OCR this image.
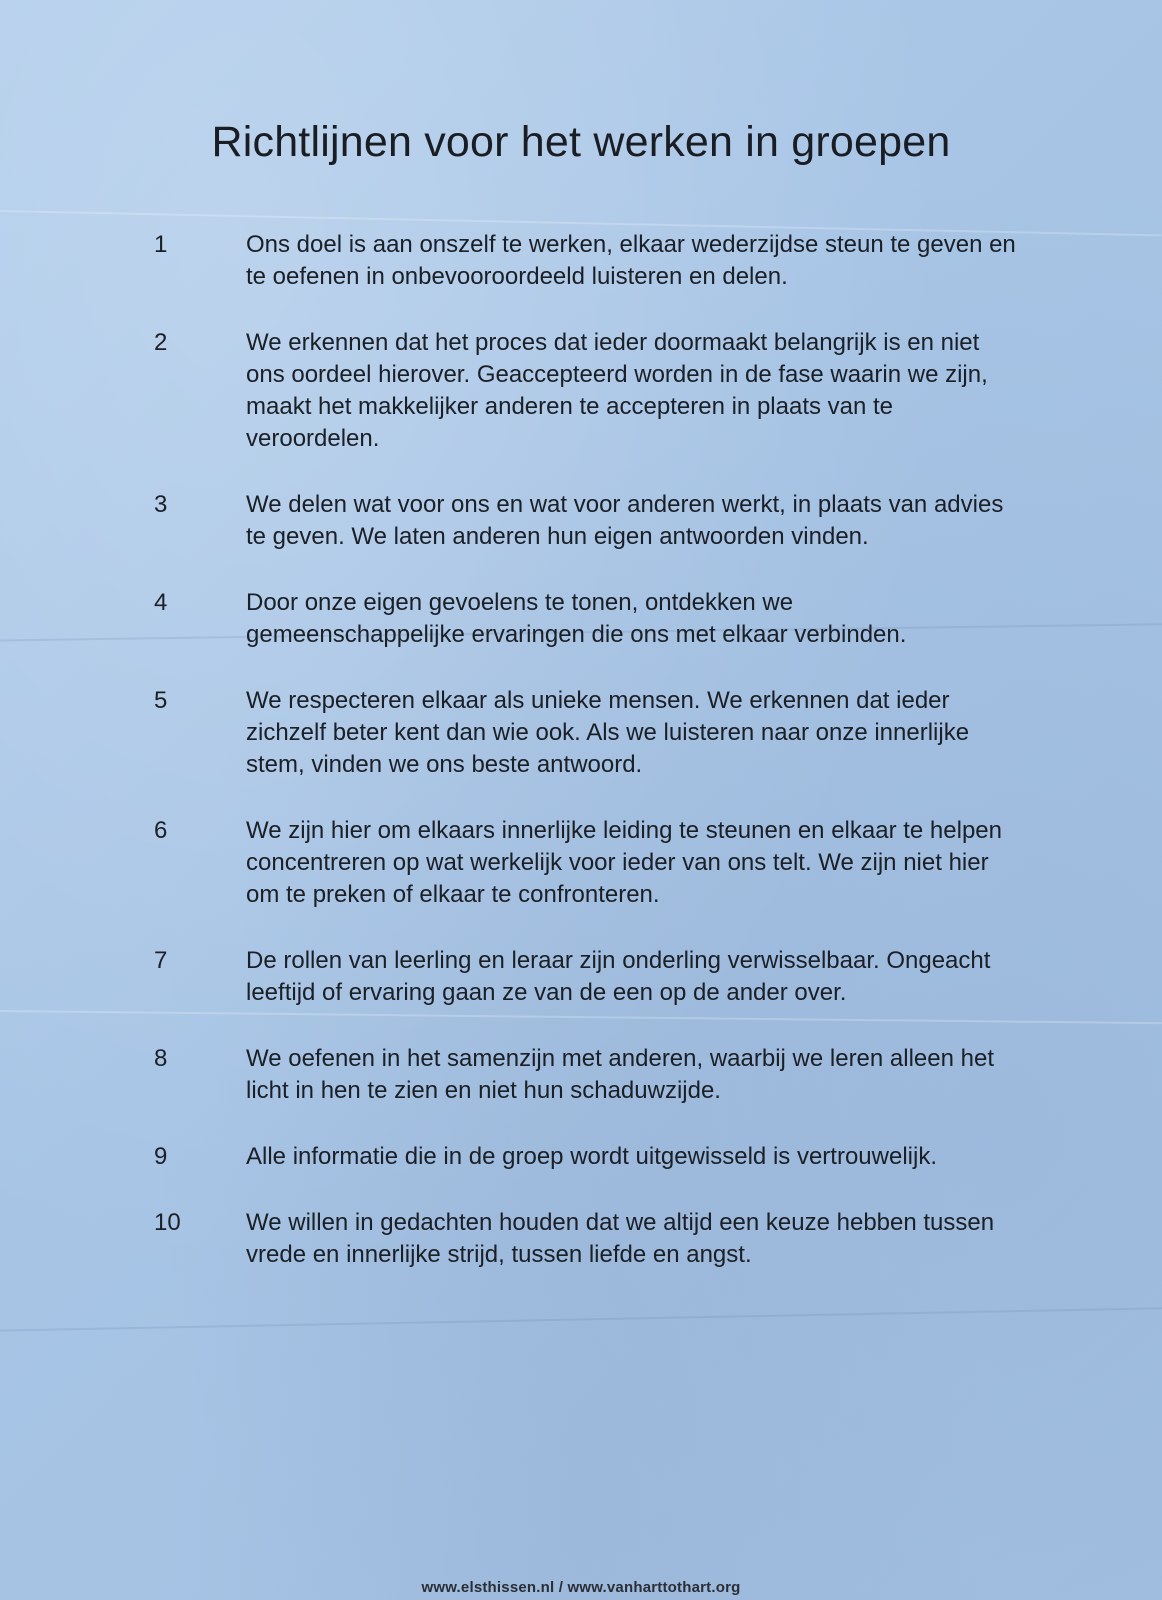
Richtlijnen voor het werken in groepen
1	Ons doel is aan onszelf te werken, elkaar wederzijdse steun te geven en te oefenen in onbevooroordeeld luisteren en delen.
2	We erkennen dat het proces dat ieder doormaakt belangrijk is en niet ons oordeel hierover. Geaccepteerd worden in de fase waarin we zijn, maakt het makkelijker anderen te accepteren in plaats van te veroordelen.
3	We delen wat voor ons en wat voor anderen werkt, in plaats van advies te geven. We laten anderen hun eigen antwoorden vinden.
4	Door onze eigen gevoelens te tonen, ontdekken we gemeenschappelijke ervaringen die ons met elkaar verbinden.
5	We respecteren elkaar als unieke mensen. We erkennen dat ieder zichzelf beter kent dan wie ook. Als we luisteren naar onze innerlijke stem, vinden we ons beste antwoord.
6	We zijn hier om elkaars innerlijke leiding te steunen en elkaar te helpen concentreren op wat werkelijk voor ieder van ons telt. We zijn niet hier om te preken of elkaar te confronteren.
7	De rollen van leerling en leraar zijn onderling verwisselbaar. Ongeacht leeftijd of ervaring gaan ze van de een op de ander over.
8	We oefenen in het samenzijn met anderen, waarbij we leren alleen het licht in hen te zien en niet hun schaduwzijde.
9	Alle informatie die in de groep wordt uitgewisseld is vertrouwelijk.
10	We willen in gedachten houden dat we altijd een keuze hebben tussen vrede en innerlijke strijd, tussen liefde en angst.
www.elsthissen.nl / www.vanharttothart.org
